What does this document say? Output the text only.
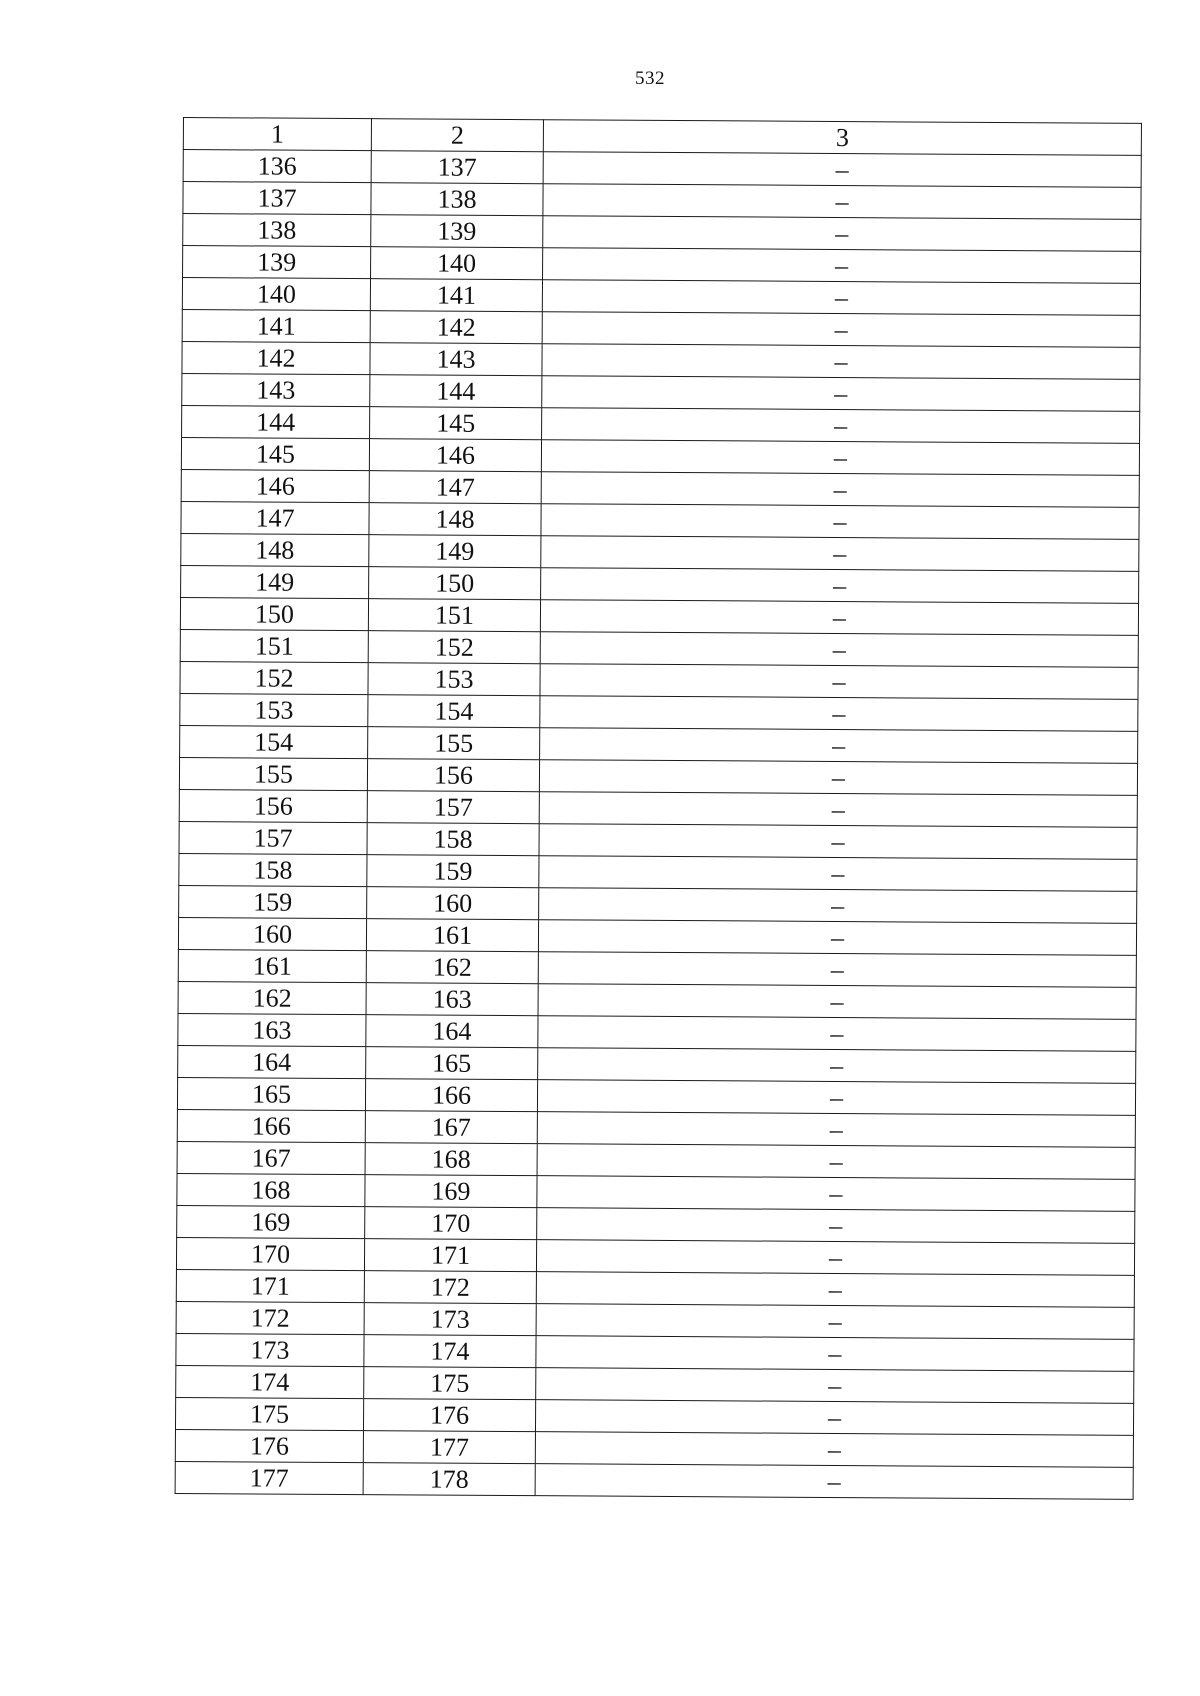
532
1	2	3
136	137	–
137	138	–
138	139	–
139	140	–
140	141	–
141	142	–
142	143	–
143	144	–
144	145	–
145	146	–
146	147	–
147	148	–
148	149	–
149	150	–
150	151	–
151	152	–
152	153	–
153	154	–
154	155	–
155	156	–
156	157	–
157	158	–
158	159	–
159	160	–
160	161	–
161	162	–
162	163	–
163	164	–
164	165	–
165	166	–
166	167	–
167	168	–
168	169	–
169	170	–
170	171	–
171	172	–
172	173	–
173	174	–
174	175	–
175	176	–
176	177	–
177	178	–
